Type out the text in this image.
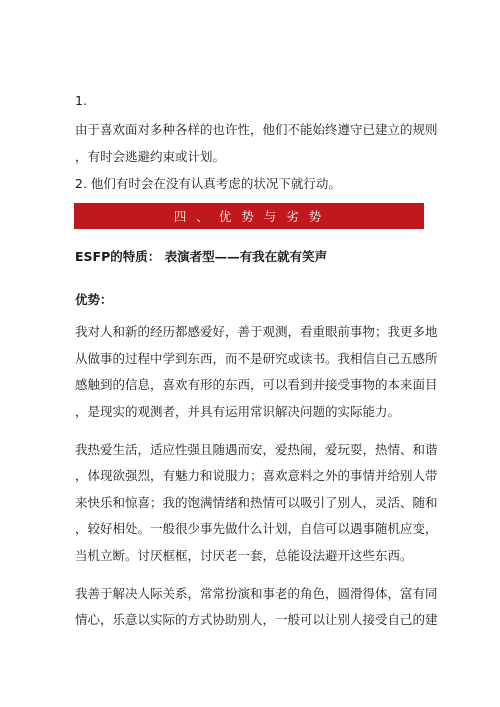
1.
由于喜欢面对多种各样的也许性，他们不能始终遵守已建立的规则
，有时会逃避约束或计划。
2. 他们有时会在没有认真考虑的状况下就行动。
四 、 优 势 与 劣 势
ESFP的特质： 表演者型——有我在就有笑声
优势：
我对人和新的经历都感爱好，善于观测，看重眼前事物；我更多地
从做事的过程中学到东西，而不是研究或读书。我相信自己五感所
感触到的信息，喜欢有形的东西，可以看到并接受事物的本来面目
，是现实的观测者，并具有运用常识解决问题的实际能力。
我热爱生活，适应性强且随遇而安，爱热闹，爱玩耍，热情、和谐
，体现欲强烈，有魅力和说服力；喜欢意料之外的事情并给别人带
来快乐和惊喜；我的饱满情绪和热情可以吸引了别人，灵活、随和
，较好相处。一般很少事先做什么计划，自信可以遇事随机应变，
当机立断。讨厌框框，讨厌老一套，总能设法避开这些东西。
我善于解决人际关系，常常扮演和事老的角色，圆滑得体，富有同
情心，乐意以实际的方式协助别人，一般可以让别人接受自己的建
